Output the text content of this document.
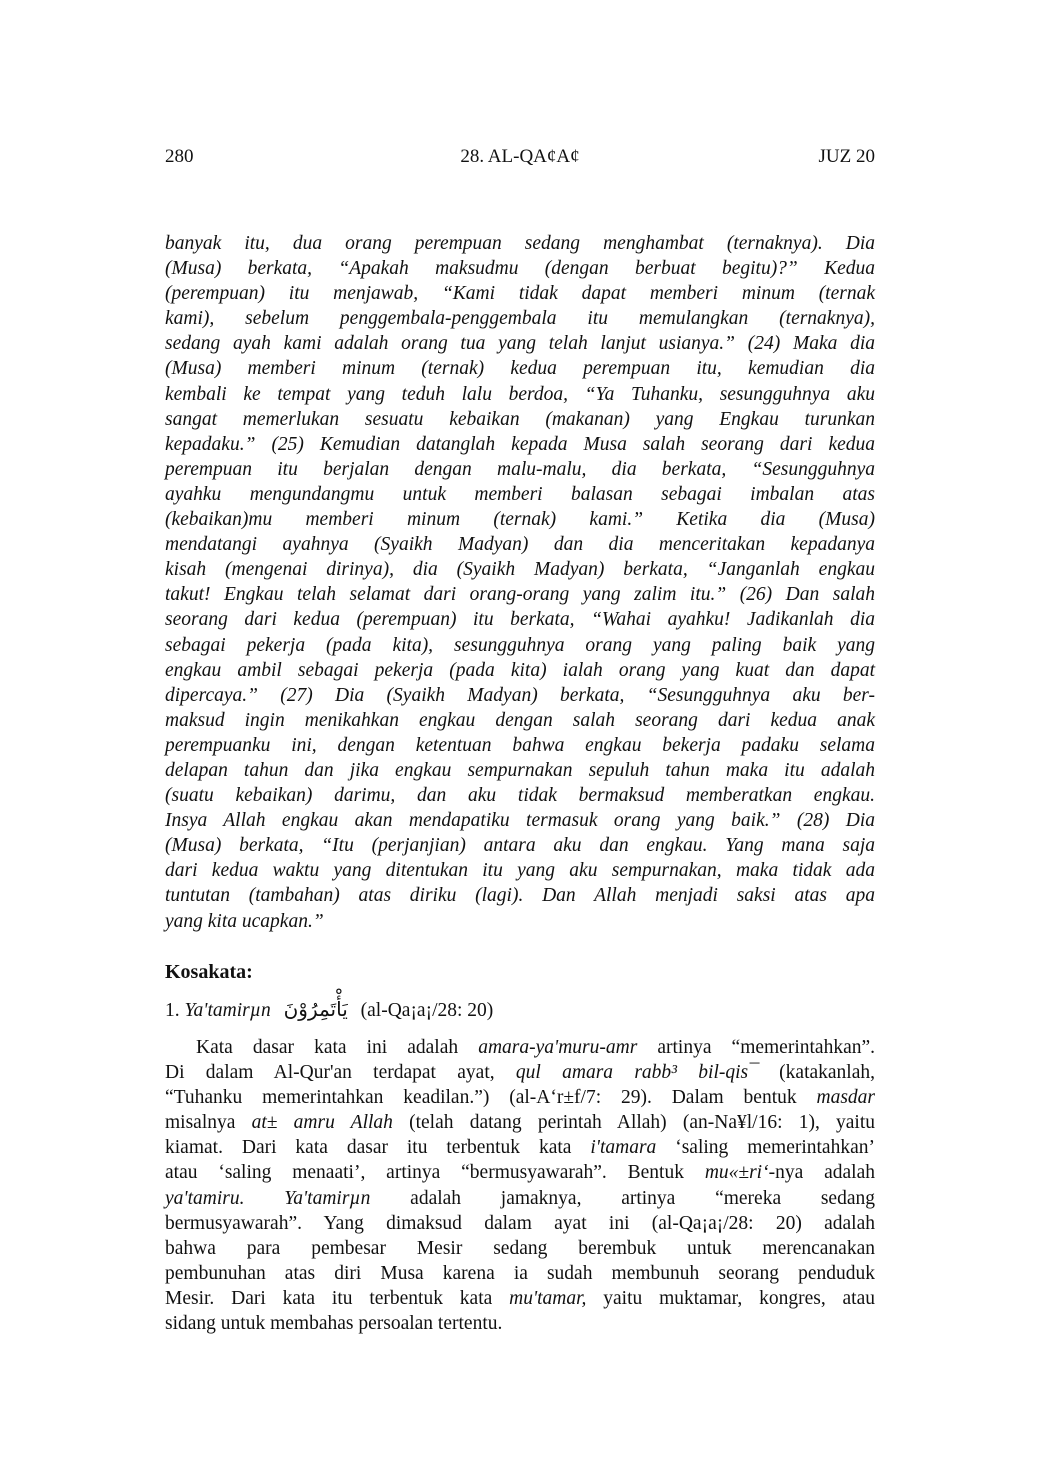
280	28. AL-QA¢A¢	JUZ 20
banyak itu, dua orang perempuan sedang menghambat (ternaknya). Dia
(Musa) berkata, “Apakah maksudmu (dengan berbuat begitu)?” Kedua
(perempuan) itu menjawab, “Kami tidak dapat memberi minum (ternak
kami), sebelum penggembala-penggembala itu memulangkan (ternaknya),
sedang ayah kami adalah orang tua yang telah lanjut usianya.” (24) Maka dia
(Musa) memberi minum (ternak) kedua perempuan itu, kemudian dia
kembali ke tempat yang teduh lalu berdoa, “Ya Tuhanku, sesungguhnya aku
sangat memerlukan sesuatu kebaikan (makanan) yang Engkau turunkan
kepadaku.” (25) Kemudian datanglah kepada Musa salah seorang dari kedua
perempuan itu berjalan dengan malu-malu, dia berkata, “Sesungguhnya
ayahku mengundangmu untuk memberi balasan sebagai imbalan atas
(kebaikan)mu memberi minum (ternak) kami.” Ketika dia (Musa)
mendatangi ayahnya (Syaikh Madyan) dan dia menceritakan kepadanya
kisah (mengenai dirinya), dia (Syaikh Madyan) berkata, “Janganlah engkau
takut! Engkau telah selamat dari orang-orang yang zalim itu.” (26) Dan salah
seorang dari kedua (perempuan) itu berkata, “Wahai ayahku! Jadikanlah dia
sebagai pekerja (pada kita), sesungguhnya orang yang paling baik yang
engkau ambil sebagai pekerja (pada kita) ialah orang yang kuat dan dapat
dipercaya.” (27) Dia (Syaikh Madyan) berkata, “Sesungguhnya aku ber-
maksud ingin menikahkan engkau dengan salah seorang dari kedua anak
perempuanku ini, dengan ketentuan bahwa engkau bekerja padaku selama
delapan tahun dan jika engkau sempurnakan sepuluh tahun maka itu adalah
(suatu kebaikan) darimu, dan aku tidak bermaksud memberatkan engkau.
Insya Allah engkau akan mendapatiku termasuk orang yang baik.” (28) Dia
(Musa) berkata, “Itu (perjanjian) antara aku dan engkau. Yang mana saja
dari kedua waktu yang ditentukan itu yang aku sempurnakan, maka tidak ada
tuntutan (tambahan) atas diriku (lagi). Dan Allah menjadi saksi atas apa
yang kita ucapkan.”
Kosakata:
1. Ya'tamirµn يَأْتَمِرُوْنَ (al-Qa¡a¡/28: 20)
Kata dasar kata ini adalah amara-ya'muru-amr artinya “memerintahkan”.
Di dalam Al-Qur'an terdapat ayat, qul amara rabb³ bil-qis¯ (katakanlah,
“Tuhanku memerintahkan keadilan.”) (al-A‘r±f/7: 29). Dalam bentuk masdar
misalnya at± amru Allah (telah datang perintah Allah) (an-Na¥l/16: 1), yaitu
kiamat. Dari kata dasar itu terbentuk kata i'tamara ‘saling memerintahkan’
atau ‘saling menaati’, artinya “bermusyawarah”. Bentuk mu«±ri‘-nya adalah
ya'tamiru. Ya'tamirµn adalah jamaknya, artinya “mereka sedang
bermusyawarah”. Yang dimaksud dalam ayat ini (al-Qa¡a¡/28: 20) adalah
bahwa para pembesar Mesir sedang berembuk untuk merencanakan
pembunuhan atas diri Musa karena ia sudah membunuh seorang penduduk
Mesir. Dari kata itu terbentuk kata mu'tamar, yaitu muktamar, kongres, atau
sidang untuk membahas persoalan tertentu.
